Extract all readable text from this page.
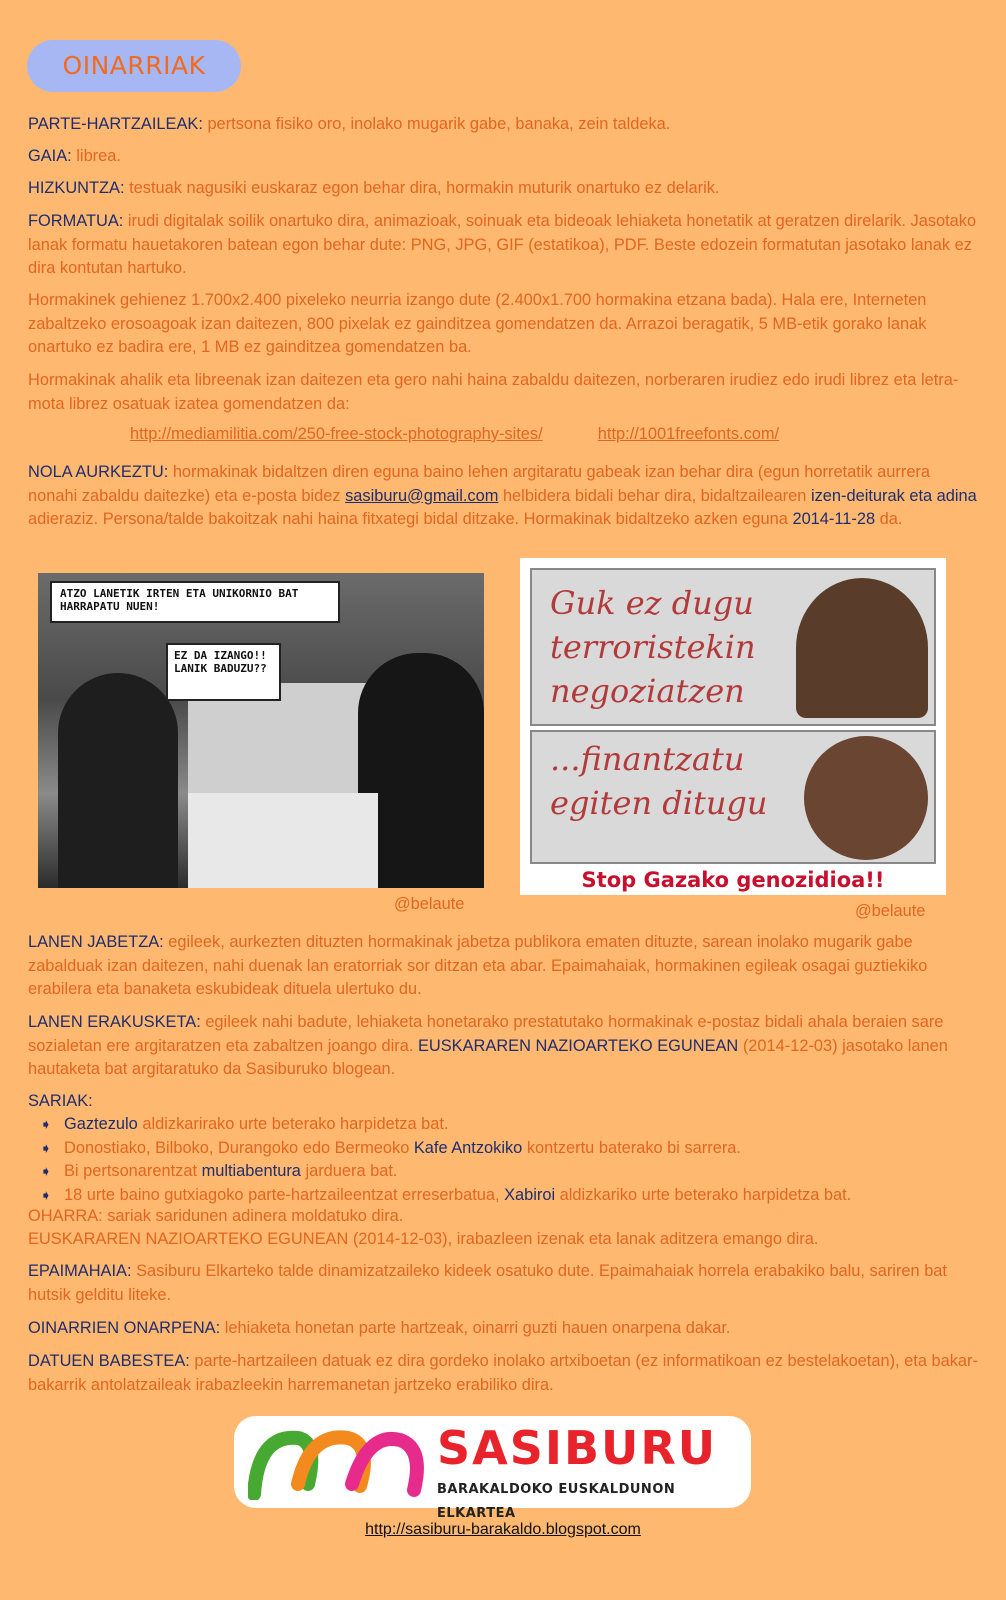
OINARRIAK
PARTE-HARTZAILEAK: pertsona fisiko oro, inolako mugarik gabe, banaka, zein taldeka.
GAIA: librea.
HIZKUNTZA: testuak nagusiki euskaraz egon behar dira, hormakin muturik onartuko ez delarik.
FORMATUA: irudi digitalak soilik onartuko dira, animazioak, soinuak eta bideoak lehiaketa honetatik at geratzen direlarik. Jasotako lanak formatu hauetakoren batean egon behar dute: PNG, JPG, GIF (estatikoa), PDF. Beste edozein formatutan jasotako lanak ez dira kontutan hartuko.
Hormakinek gehienez 1.700x2.400 pixeleko neurria izango dute (2.400x1.700 hormakina etzana bada). Hala ere, Interneten zabaltzeko erosoagoak izan daitezen, 800 pixelak ez gainditzea gomendatzen da. Arrazoi beragatik, 5 MB-etik gorako lanak onartuko ez badira ere, 1 MB ez gainditzea gomendatzen ba.
Hormakinak ahalik eta libreenak izan daitezen eta gero nahi haina zabaldu daitezen, norberaren irudiez edo irudi librez eta letra-mota librez osatuak izatea gomendatzen da:
http://mediamilitia.com/250-free-stock-photography-sites/	http://1001freefonts.com/
NOLA AURKEZTU: hormakinak bidaltzen diren eguna baino lehen argitaratu gabeak izan behar dira (egun horretatik aurrera nonahi zabaldu daitezke) eta e-posta bidez sasiburu@gmail.com helbidera bidali behar dira, bidaltzailearen izen-deiturak eta adina adieraziz. Persona/talde bakoitzak nahi haina fitxategi bidal ditzake. Hormakinak bidaltzeko azken eguna 2014-11-28 da.
ATZO LANETIK IRTEN ETA UNIKORNIO BAT HARRAPATU NUEN!
EZ DA IZANGO!! LANIK BADUZU??
@belaute
Guk ez dugu
terroristekin
negoziatzen
...finantzatu
egiten ditugu
Stop Gazako genozidioa!!
@belaute
LANEN JABETZA: egileek, aurkezten dituzten hormakinak jabetza publikora ematen dituzte, sarean inolako mugarik gabe zabalduak izan daitezen, nahi duenak lan eratorriak sor ditzan eta abar. Epaimahaiak, hormakinen egileak osagai guztiekiko erabilera eta banaketa eskubideak dituela ulertuko du.
LANEN ERAKUSKETA: egileek nahi badute, lehiaketa honetarako prestatutako hormakinak e-postaz bidali ahala beraien sare sozialetan ere argitaratzen eta zabaltzen joango dira. EUSKARAREN NAZIOARTEKO EGUNEAN (2014-12-03) jasotako lanen hautaketa bat argitaratuko da Sasiburuko blogean.
SARIAK:
➧ Gaztezulo aldizkarirako urte beterako harpidetza bat.
➧ Donostiako, Bilboko, Durangoko edo Bermeoko Kafe Antzokiko kontzertu baterako bi sarrera.
➧ Bi pertsonarentzat multiabentura jarduera bat.
➧ 18 urte baino gutxiagoko parte-hartzaileentzat erreserbatua, Xabiroi aldizkariko urte beterako harpidetza bat.
OHARRA: sariak saridunen adinera moldatuko dira.
EUSKARAREN NAZIOARTEKO EGUNEAN (2014-12-03), irabazleen izenak eta lanak aditzera emango dira.
EPAIMAHAIA: Sasiburu Elkarteko talde dinamizatzaileko kideek osatuko dute. Epaimahaiak horrela erabakiko balu, sariren bat hutsik gelditu liteke.
OINARRIEN ONARPENA: lehiaketa honetan parte hartzeak, oinarri guzti hauen onarpena dakar.
DATUEN BABESTEA: parte-hartzaileen datuak ez dira gordeko inolako artxiboetan (ez informatikoan ez bestelakoetan), eta bakar-bakarrik antolatzaileak irabazleekin harremanetan jartzeko erabiliko dira.
SASIBURU
BARAKALDOKO EUSKALDUNON ELKARTEA
http://sasiburu-barakaldo.blogspot.com
